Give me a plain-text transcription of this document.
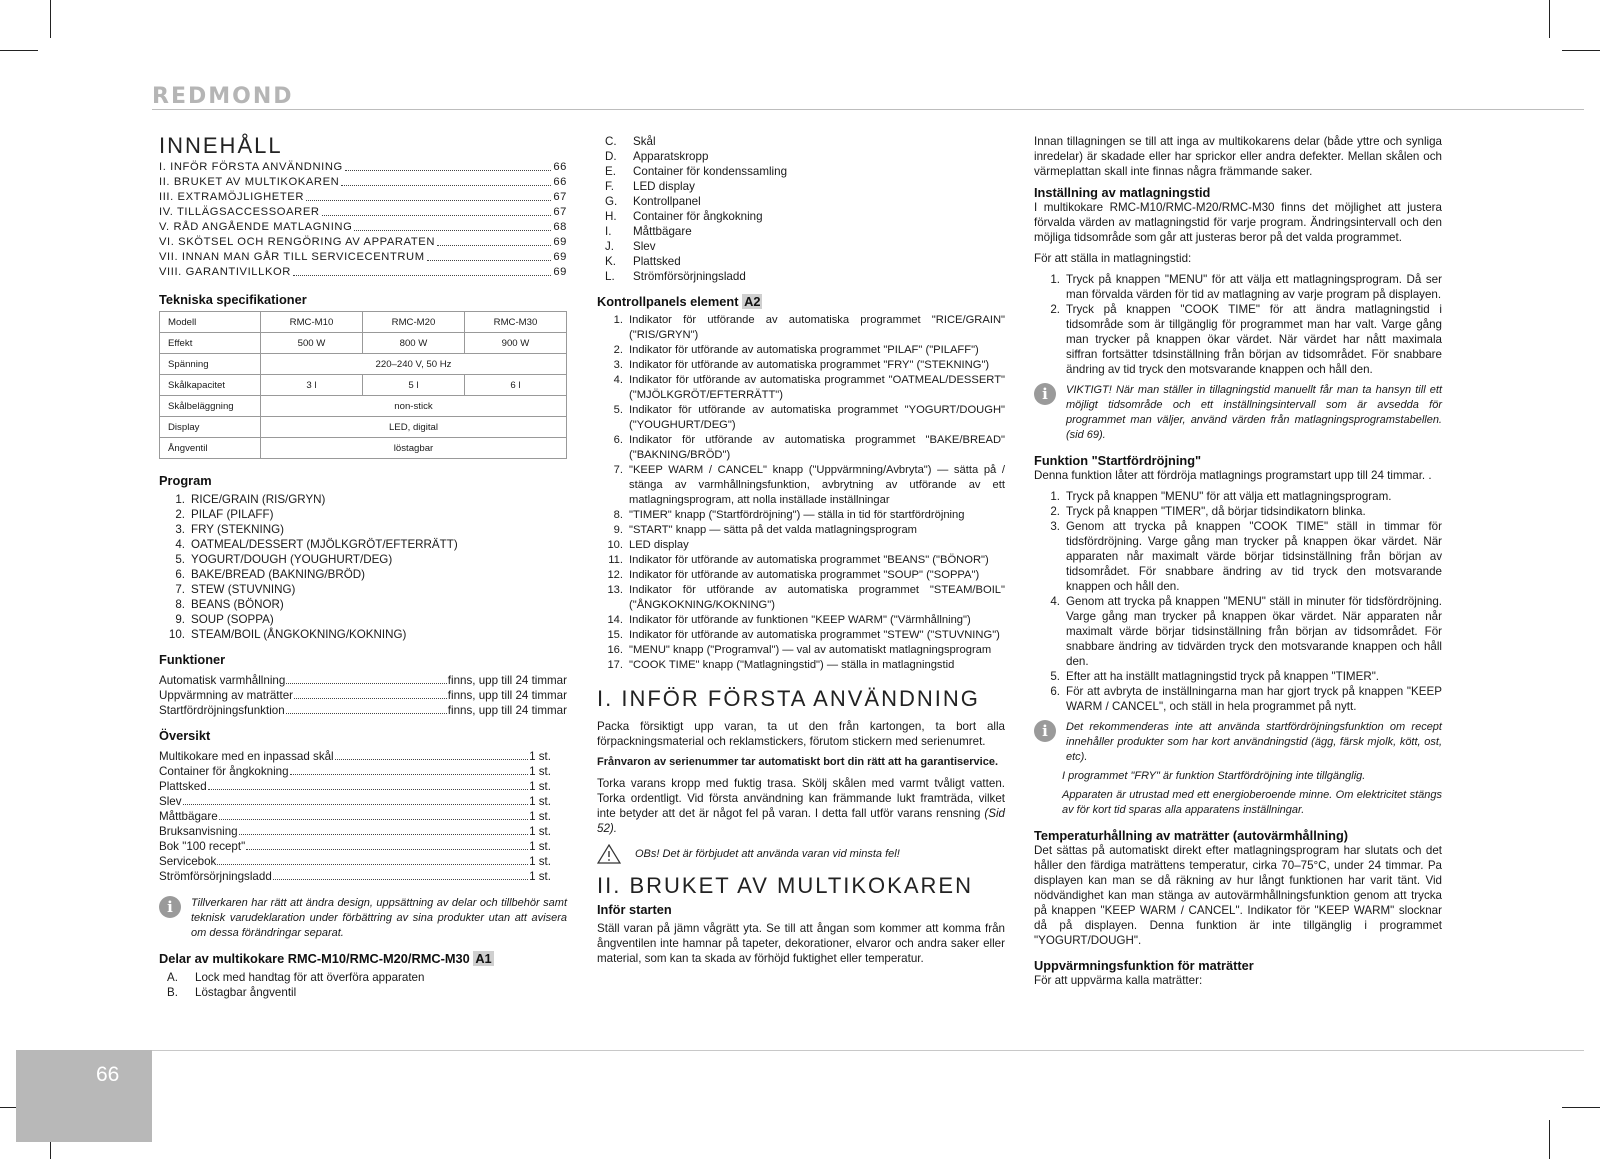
REDMOND
66
INNEHÅLL
I. INFÖR FÖRSTA ANVÄNDNING	66
II. BRUKET AV MULTIKOKAREN	66
III. EXTRAMÖJLIGHETER	67
IV. TILLÄGSACCESSOARER	67
V. RÅD ANGÅENDE MATLAGNING	68
VI. SKÖTSEL OCH RENGÖRING AV APPARATEN	69
VII. INNAN MAN GÅR TILL SERVICECENTRUM	69
VIII. GARANTIVILLKOR	69
Tekniska specifikationer
Modell	RMC-M10	RMC-M20	RMC-M30
Effekt	500 W	800 W	900 W
Spänning	220–240 V, 50 Hz		
Skålkapacitet	3 l	5 l	6 l
Skålbeläggning	non-stick		
Display	LED, digital		
Ångventil	löstagbar		
Program
1. RICE/GRAIN (RIS/GRYN)
2. PILAF (PILAFF)
3. FRY (STEKNING)
4. OATMEAL/DESSERT (MJÖLKGRÖT/EFTERRÄTT)
5. YOGURT/DOUGH (YOUGHURT/DEG)
6. BAKE/BREAD (BAKNING/BRÖD)
7. STEW (STUVNING)
8. BEANS (BÖNOR)
9. SOUP (SOPPA)
10. STEAM/BOIL (ÅNGKOKNING/KOKNING)
Funktioner
Automatisk varmhållning	finns, upp till 24 timmar
Uppvärmning av maträtter	finns, upp till 24 timmar
Startfördröjningsfunktion	finns, upp till 24 timmar
Översikt
Multikokare med en inpassad skål	1 st.
Container för ångkokning	1 st.
Plattsked	1 st.
Slev	1 st.
Måttbägare	1 st.
Bruksanvisning	1 st.
Bok "100 recept"	1 st.
Servicebok	1 st.
Strömförsörjningsladd	1 st.
i	Tillverkaren har rätt att ändra design, uppsättning av delar och tillbehör samt teknisk varudeklaration under förbättring av sina produkter utan att avisera om dessa förändringar separat.
Delar av multikokare RMC-M10/RMC-M20/RMC-M30 A1
A.	Lock med handtag för att överföra apparaten
B.	Löstagbar ångventil
C.	Skål
D.	Apparatskropp
E.	Container för kondenssamling
F.	LED display
G.	Kontrollpanel
H.	Container för ångkokning
I.	Måttbägare
J.	Slev
K.	Plattsked
L.	Strömförsörjningsladd
Kontrollpanels element A2
1. Indikator för utförande av automatiska programmet "RICE/GRAIN" ("RIS/GRYN")
2. Indikator för utförande av automatiska programmet "PILAF" ("PILAFF")
3. Indikator för utförande av automatiska programmet "FRY" ("STEKNING")
4. Indikator för utförande av automatiska programmet "OATMEAL/DESSERT" ("MJÖLKGRÖT/EFTERRÄTT")
5. Indikator för utförande av automatiska programmet "YOGURT/DOUGH" ("YOUGHURT/DEG")
6. Indikator för utförande av automatiska programmet "BAKE/BREAD" ("BAKNING/BRÖD")
7. "KEEP WARM / CANCEL" knapp ("Uppvärmning/Avbryta") — sätta på / stänga av varmhållningsfunktion, avbrytning av utförande av ett matlagningsprogram, att nolla inställade inställningar
8. "TIMER" knapp ("Startfördröjning") — ställa in tid för startfördröjning
9. "START" knapp — sätta på det valda matlagningsprogram
10. LED display
11. Indikator för utförande av automatiska programmet "BEANS" ("BÖNOR")
12. Indikator för utförande av automatiska programmet "SOUP" ("SOPPA")
13. Indikator för utförande av automatiska programmet "STEAM/BOIL" ("ÅNGKOKNING/KOKNING")
14. Indikator för utförande av funktionen "KEEP WARM" ("Värmhållning")
15. Indikator för utförande av automatiska programmet "STEW" ("STUVNING")
16. "MENU" knapp ("Programval") — val av automatiskt matlagningsprogram
17. "COOK TIME" knapp ("Matlagningstid") — ställa in matlagningstid
I. INFÖR FÖRSTA ANVÄNDNING

Packa försiktigt upp varan, ta ut den från kartongen, ta bort alla förpackningsmaterial och reklamstickers, förutom stickern med serienumret.

Frånvaron av serienummer tar automatiskt bort din rätt att ha garantiservice.

Torka varans kropp med fuktig trasa. Skölj skålen med varmt tvåligt vatten. Torka ordentligt. Vid första användning kan främmande lukt framträda, vilket inte betyder att det är något fel på varan. I detta fall utför varans rensning (Sid 52).

OBs! Det är förbjudet att använda varan vid minsta fel!
II. BRUKET AV MULTIKOKAREN
Inför starten

Ställ varan på jämn vågrätt yta. Se till att ångan som kommer att komma från ångventilen inte hamnar på tapeter, dekorationer, elvaror och andra saker eller material, som kan ta skada av förhöjd fuktighet eller temperatur.

Innan tillagningen se till att inga av multikokarens delar (både yttre och synliga inredelar) är skadade eller har sprickor eller andra defekter. Mellan skålen och värmeplattan skall inte finnas några främmande saker.

Inställning av matlagningstid

I multikokare RMC-M10/RMC-M20/RMC-M30 finns det möjlighet att justera förvalda värden av matlagningstid för varje program. Ändringsintervall och den möjliga tidsområde som går att justeras beror på det valda programmet.

För att ställa in matlagningstid:

1. Tryck på knappen "MENU" för att välja ett matlagningsprogram. Då ser man förvalda värden för tid av matlagning av varje program på displayen.
2. Tryck på knappen "COOK TIME" för att ändra matlagningstid i tidsområde som är tillgänglig för programmet man har valt. Varge gång man trycker på knappen ökar värdet. När värdet har nått maximala siffran fortsätter tdsinställning från början av tidsområdet. För snabbare ändring av tid tryck den motsvarande knappen och håll den.
i	VIKTIGT! När man ställer in tillagningstid manuellt får man ta hansyn till ett möjligt tidsområde och ett inställningsintervall som är avsedda för programmet man väljer, använd värden från matlagningsprogramstabellen. (sid 69).
Funktion "Startfördröjning"

Denna funktion låter att fördröja matlagnings programstart upp till 24 timmar. .

1. Tryck på knappen "MENU" för att välja ett matlagningsprogram.
2. Tryck på knappen "TIMER", då börjar tidsindikatorn blinka.
3. Genom att trycka på knappen "COOK TIME" ställ in timmar för tidsfördröjning. Varge gång man trycker på knappen ökar värdet. När apparaten når maximalt värde börjar tidsinställning från början av tidsområdet. För snabbare ändring av tid tryck den motsvarande knappen och håll den.
4. Genom att trycka på knappen "MENU" ställ in minuter för tidsfördröjning. Varge gång man trycker på knappen ökar värdet. När apparaten når maximalt värde börjar tidsinställning från början av tidsområdet. För snabbare ändring av tidvärden tryck den motsvarande knappen och håll den.
5. Efter att ha inställt matlagningstid tryck på knappen "TIMER".
6. För att avbryta de inställningarna man har gjort tryck på knappen "KEEP WARM / CANCEL", och ställ in hela programmet på nytt.
i	Det rekommenderas inte att använda startfördröjningsfunktion om recept innehåller produkter som har kort användningstid (ägg, färsk mjolk, kött, ost, etc).
I programmet "FRY" är funktion Startfördröjning inte tillgänglig.
Apparaten är utrustad med ett energioberoende minne. Om elektricitet stängs av för kort tid sparas alla apparatens inställningar.
Temperaturhållning av maträtter (autovärmhållning)

Det sättas på automatiskt direkt efter matlagningsprogram har slutats och det håller den färdiga maträttens temperatur, cirka 70–75°С, under 24 timmar. Pa displayen kan man se då räkning av hur långt funktionen har varit tänt. Vid nödvändighet kan man stänga av autovärmhållningsfunktion genom att trycka på knappen "KEEP WARM / CANCEL". Indikator för "KEEP WARM" slocknar då på displayen. Denna funktion är inte tillgänglig i programmet "YOGURT/DOUGH".

Uppvärmningsfunktion för maträtter

För att uppvärma kalla maträtter:
